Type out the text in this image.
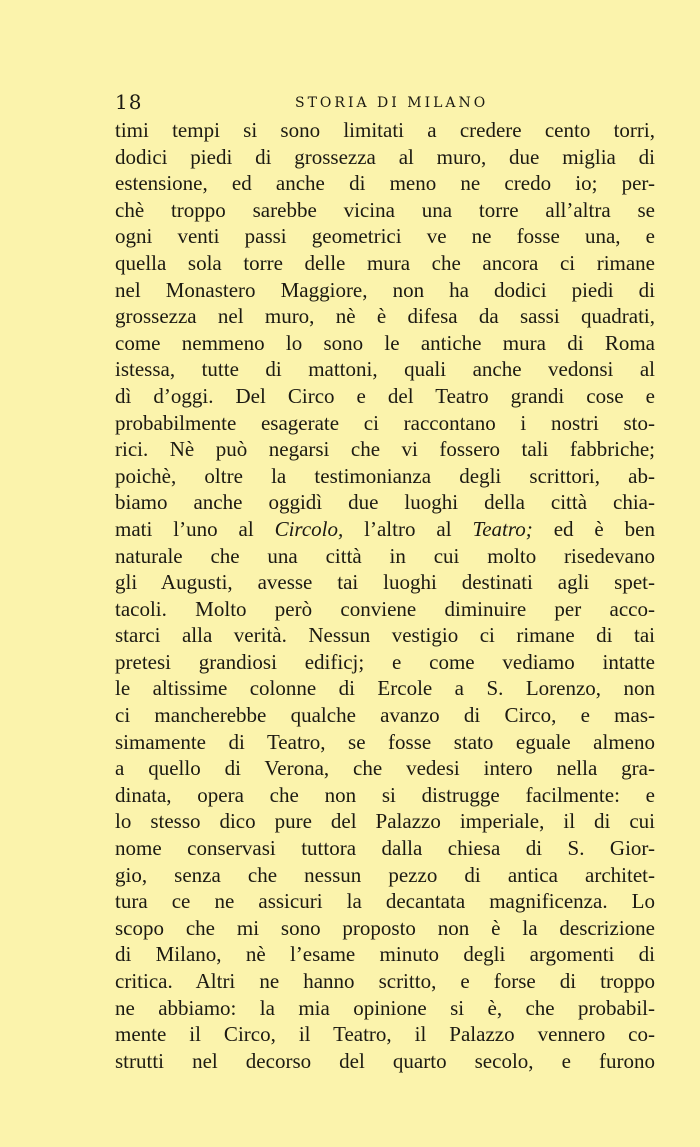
18	STORIA DI MILANO
timi tempi si sono limitati a credere cento torri,
dodici piedi di grossezza al muro, due miglia di
estensione, ed anche di meno ne credo io; per-
chè troppo sarebbe vicina una torre all’altra se
ogni venti passi geometrici ve ne fosse una, e
quella sola torre delle mura che ancora ci rimane
nel Monastero Maggiore, non ha dodici piedi di
grossezza nel muro, nè è difesa da sassi quadrati,
come nemmeno lo sono le antiche mura di Roma
istessa, tutte di mattoni, quali anche vedonsi al
dì d’oggi. Del Circo e del Teatro grandi cose e
probabilmente esagerate ci raccontano i nostri sto-
rici. Nè può negarsi che vi fossero tali fabbriche;
poichè, oltre la testimonianza degli scrittori, ab-
biamo anche oggidì due luoghi della città chia-
mati l’uno al Circolo, l’altro al Teatro; ed è ben
naturale che una città in cui molto risedevano
gli Augusti, avesse tai luoghi destinati agli spet-
tacoli. Molto però conviene diminuire per acco-
starci alla verità. Nessun vestigio ci rimane di tai
pretesi grandiosi edificj; e come vediamo intatte
le altissime colonne di Ercole a S. Lorenzo, non
ci mancherebbe qualche avanzo di Circo, e mas-
simamente di Teatro, se fosse stato eguale almeno
a quello di Verona, che vedesi intero nella gra-
dinata, opera che non si distrugge facilmente: e
lo stesso dico pure del Palazzo imperiale, il di cui
nome conservasi tuttora dalla chiesa di S. Gior-
gio, senza che nessun pezzo di antica architet-
tura ce ne assicuri la decantata magnificenza. Lo
scopo che mi sono proposto non è la descrizione
di Milano, nè l’esame minuto degli argomenti di
critica. Altri ne hanno scritto, e forse di troppo
ne abbiamo: la mia opinione si è, che probabil-
mente il Circo, il Teatro, il Palazzo vennero co-
strutti nel decorso del quarto secolo, e furono
